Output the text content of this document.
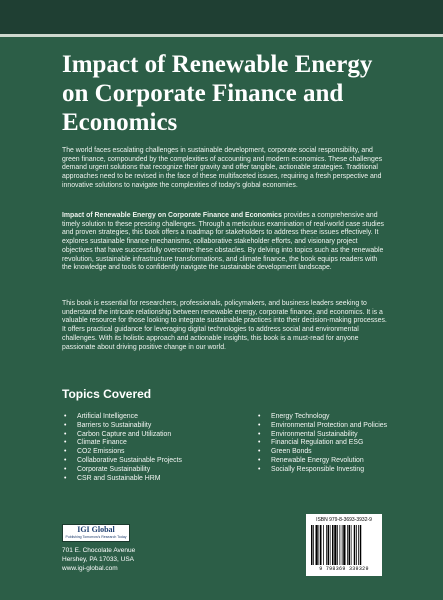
Impact of Renewable Energy on Corporate Finance and Economics

The world faces escalating challenges in sustainable development, corporate social responsibility, and green finance, compounded by the complexities of accounting and modern economics. These challenges demand urgent solutions that recognize their gravity and offer tangible, actionable strategies. Traditional approaches need to be revised in the face of these multifaceted issues, requiring a fresh perspective and innovative solutions to navigate the complexities of today's global economies.

Impact of Renewable Energy on Corporate Finance and Economics provides a comprehensive and timely solution to these pressing challenges. Through a meticulous examination of real-world case studies and proven strategies, this book offers a roadmap for stakeholders to address these issues effectively. It explores sustainable finance mechanisms, collaborative stakeholder efforts, and visionary project objectives that have successfully overcome these obstacles. By delving into topics such as the renewable revolution, sustainable infrastructure transformations, and climate finance, the book equips readers with the knowledge and tools to confidently navigate the sustainable development landscape.

This book is essential for researchers, professionals, policymakers, and business leaders seeking to understand the intricate relationship between renewable energy, corporate finance, and economics. It is a valuable resource for those looking to integrate sustainable practices into their decision-making processes. It offers practical guidance for leveraging digital technologies to address social and environmental challenges. With its holistic approach and actionable insights, this book is a must-read for anyone passionate about driving positive change in our world.

Topics Covered
• Artificial Intelligence
• Barriers to Sustainability
• Carbon Capture and Utilization
• Climate Finance
• CO2 Emissions
• Collaborative Sustainable Projects
• Corporate Sustainability
• CSR and Sustainable HRM
• Energy Technology
• Environmental Protection and Policies
• Environmental Sustainability
• Financial Regulation and ESG
• Green Bonds
• Renewable Energy Revolution
• Socially Responsible Investing
IGI Global
Publishing Tomorrow's Research Today
701 E. Chocolate Avenue
Hershey, PA 17033, USA
www.igi-global.com
ISBN 979-8-3693-3932-9
9 798369 339329
